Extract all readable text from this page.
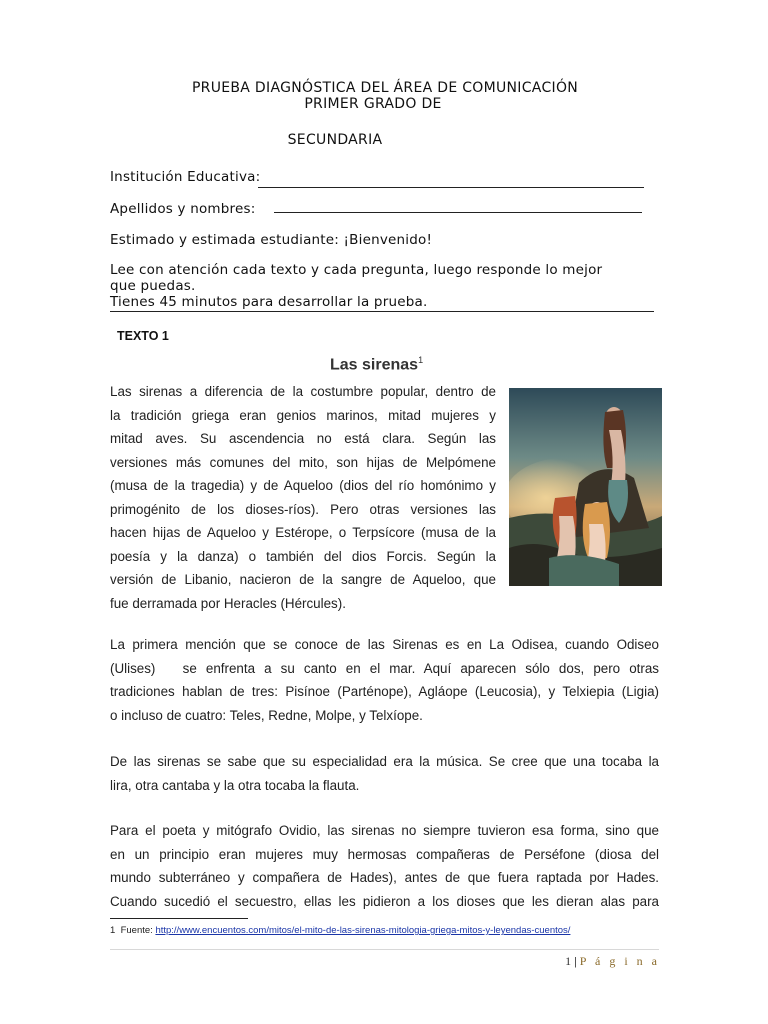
PRUEBA DIAGNÓSTICA DEL ÁREA DE COMUNICACIÓN
PRIMER GRADO DE
SECUNDARIA
Institución Educativa:
Apellidos y nombres:
Estimado y estimada estudiante: ¡Bienvenido!
Lee con atención cada texto y cada pregunta, luego responde lo mejor
que puedas.
Tienes 45 minutos para desarrollar la prueba.
TEXTO 1
Las sirenas$^1$
Las sirenas a diferencia de la costumbre popular, dentro de
la tradición griega eran genios marinos, mitad mujeres y
mitad aves. Su ascendencia no está clara. Según las
versiones más comunes del mito, son hijas de Melpómene
(musa de la tragedia) y de Aqueloo (dios del río homónimo y
primogénito de los dioses-ríos). Pero otras versiones las
hacen hijas de Aqueloo y Estérope, o Terpsícore (musa de la
poesía y la danza) o también del dios Forcis. Según la
versión de Libanio, nacieron de la sangre de Aqueloo, que
fue derramada por Heracles (Hércules).
La primera mención que se conoce de las Sirenas es en La Odisea, cuando Odiseo
(Ulises)   se enfrenta a su canto en el mar. Aquí aparecen sólo dos, pero otras
tradiciones hablan de tres: Pisínoe (Parténope), Agláope (Leucosia), y Telxiepia (Ligia)
o incluso de cuatro: Teles, Redne, Molpe, y Telxíope.
De las sirenas se sabe que su especialidad era la música. Se cree que una tocaba la
lira, otra cantaba y la otra tocaba la flauta.
Para el poeta y mitógrafo Ovidio, las sirenas no siempre tuvieron esa forma, sino que
en un principio eran mujeres muy hermosas compañeras de Perséfone (diosa del
mundo subterráneo y compañera de Hades), antes de que fuera raptada por Hades.
Cuando sucedió el secuestro, ellas les pidieron a los dioses que les dieran alas para
1 Fuente: http://www.encuentos.com/mitos/el-mito-de-las-sirenas-mitologia-griega-mitos-y-leyendas-cuentos/
1 | P á g i n a
